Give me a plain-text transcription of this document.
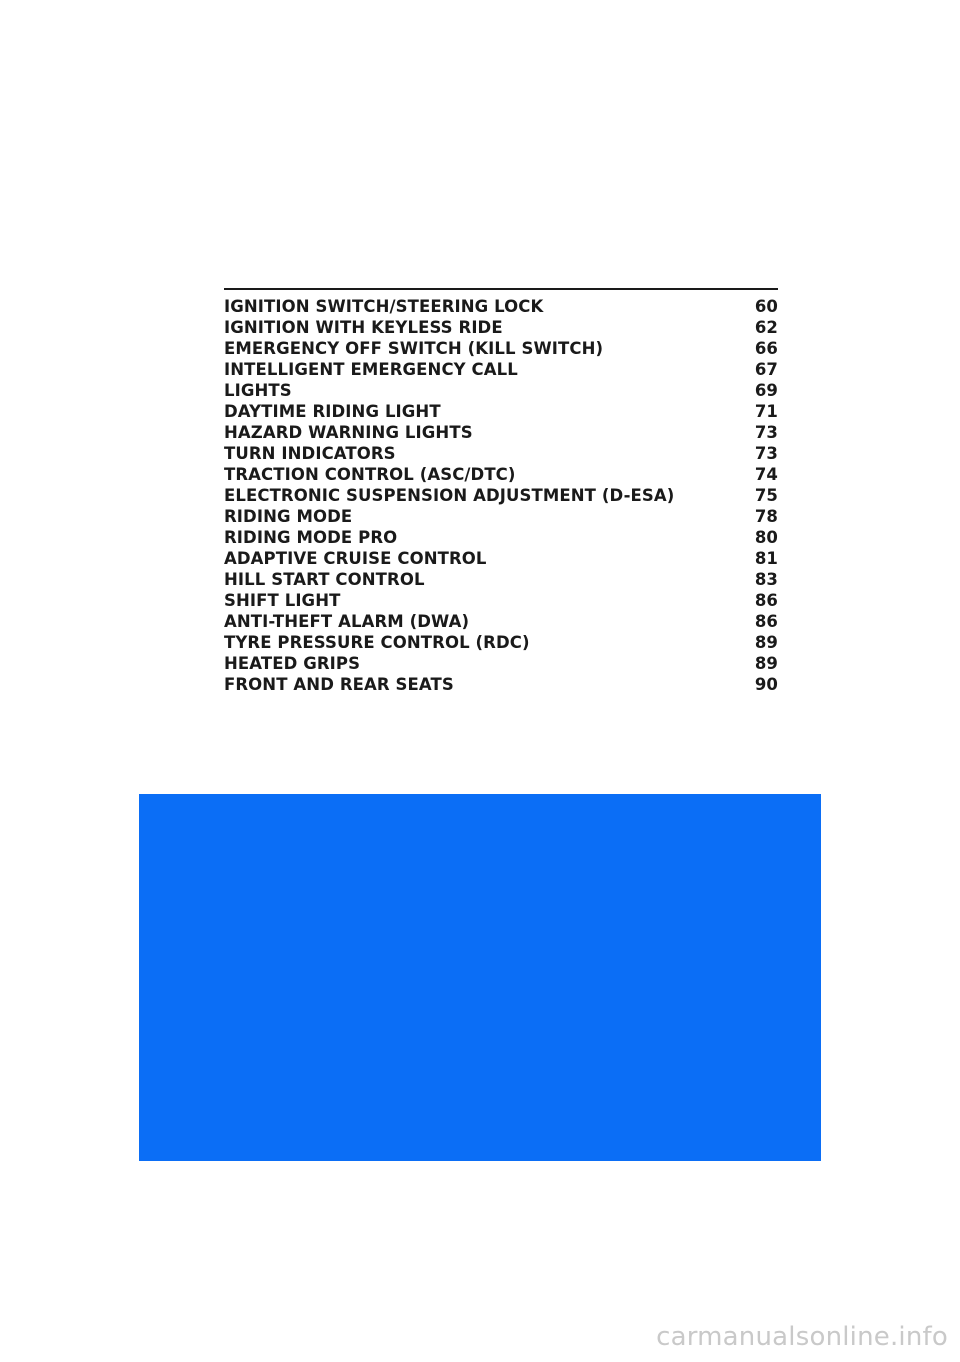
IGNITION SWITCH/STEERING LOCK	60
IGNITION WITH KEYLESS RIDE	62
EMERGENCY OFF SWITCH (KILL SWITCH)	66
INTELLIGENT EMERGENCY CALL	67
LIGHTS	69
DAYTIME RIDING LIGHT	71
HAZARD WARNING LIGHTS	73
TURN INDICATORS	73
TRACTION CONTROL (ASC/DTC)	74
ELECTRONIC SUSPENSION ADJUSTMENT (D-ESA)	75
RIDING MODE	78
RIDING MODE PRO	80
ADAPTIVE CRUISE CONTROL	81
HILL START CONTROL	83
SHIFT LIGHT	86
ANTI-THEFT ALARM (DWA)	86
TYRE PRESSURE CONTROL (RDC)	89
HEATED GRIPS	89
FRONT AND REAR SEATS	90
carmanualsonline.info
